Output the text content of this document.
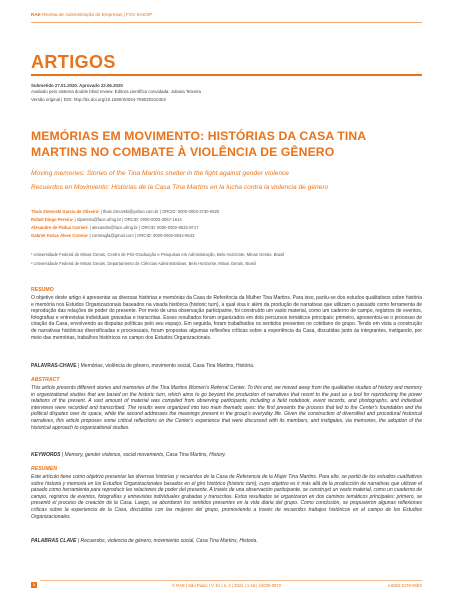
RAE-Revista de Administração de Empresas | FGV EAESP
ARTIGOS
Submetido 27.01.2020. Aprovado 22.06.2020
Avaliado pelo sistema double blind review. Editora científica convidada: Juliana Teixeira
Versão original | DOI: http://dx.doi.org/10.1590/S0034-759020210402
MEMÓRIAS EM MOVIMENTO: HISTÓRIAS DA CASA TINA MARTINS NO COMBATE À VIOLÊNCIA DE GÊNERO
Moving memories: Stories of the Tina Martins shelter in the fight against gender violence
Recuerdos en Movimiento: Historias de la Casa Tina Martins en la lucha contra la violencia de género
Thaís Zimovski Garcia de Oliveira¹ | thais.zimovski@yahoo.com.br | ORCID: 0000-0003-3730-0820
Rafael Diogo Pereira¹ | rdpereira@face.ufmg.br | ORCID: 0000-0003-3057-1614
Alexandre de Pádua Carrieri¹ | alexandre@face.ufmg.br | ORCID: 0000-0002-8532-8717
Gabriel Farias Alves Correia¹ | correiagfa@gmail.com | ORCID: 0000-0002-8534-9543
¹ Universidade Federal de Minas Gerais, Centro de Pós-Graduação e Pesquisas em Administração, Belo Horizonte, Minas Gerais, Brasil
² Universidade Federal de Minas Gerais, Departamento de Ciências Administrativas, Belo Horizonte, Minas Gerais, Brasil
RESUMO
O objetivo deste artigo é apresentar as diversas histórias e memórias da Casa de Referência da Mulher Tina Martins. Para isso, partiu-se dos estudos qualitativos sobre história e memória nos Estudos Organizacionais baseados na visada histórica (historic turn), a qual visa ir além da produção de narrativas que utilizam o passado como ferramenta de reprodução das relações de poder do presente. Por meio de uma observação participante, foi construído um vasto material, como um caderno de campo, registros de eventos, fotografias e entrevistas individuais gravadas e transcritas. Esses resultados foram organizados em dois percursos temáticos principais: primeiro, apresentou-se o processo de criação da Casa, envolvendo as disputas políticas pelo seu espaço. Em seguida, foram trabalhados os sentidos presentes no cotidiano do grupo. Tendo em vista a construção de narrativas históricas diversificadas e processuais, foram propostas algumas reflexões críticas sobre a experiência da Casa, discutidas junto às integrantes, instigando, por meio das memórias, trabalhos históricos no campo dos Estudos Organizacionais.
PALAVRAS-CHAVE | Memórias, violência de gênero, movimento social, Casa Tina Martins, História.
ABSTRACT
This article presents different stories and memories of the Tina Martins Women's Referral Center. To this end, we moved away from the qualitative studies of history and memory in organizational studies that are based on the historic turn, which aims to go beyond the production of narratives that resort to the past as a tool for reproducing the power relations of the present. A vast amount of material was compiled from observing participants, including a field notebook, event records, and photographs, and individual interviews were recorded and transcribed. The results were organized into two main thematic axes: the first presents the process that led to the Center's foundation and the political disputes over its space, while the second addresses the meanings present in the group's everyday life. Given the construction of diversified and procedural historical narratives, this article proposes some critical reflections on the Center's experience that were discussed with its members, and instigates, via memories, the adoption of the historical approach to organizational studies.
KEYWORDS | Memory, gender violence, social movements, Casa Tina Martins, History.
RESUMEN
Este artículo tiene como objetivo presentar las diversas historias y recuerdos de la Casa de Referencia de la Mujer Tina Martins. Para ello, se partió de los estudios cualitativos sobre historia y memoria en los Estudios Organizacionales basados en el giro histórico (historic turn), cuyo objetivo es ir más allá de la producción de narrativas que utilizan el pasado como herramienta para reproducir las relaciones de poder del presente. A través de una observación participante, se construyó un vasto material, como un cuaderno de campo, registros de eventos, fotografías y entrevistas individuales grabadas y transcritas. Estos resultados se organizaron en dos caminos temáticos principales: primero, se presentó el proceso de creación de la Casa. Luego, se abordaron los sentidos presentes en la vida diaria del grupo. Como conclusión, se propusieron algunas reflexiones críticas sobre la experiencia de la Casa, discutidas con las mujeres del grupo, promoviendo a través de recuerdos trabajos históricos en el campo de los Estudios Organizacionales.
PALABRAS CLAVE | Recuerdos, violencia de género, movimiento social, Casa Tina Martins, Historia.
1	© RAE | São Paulo | V. 61 | n. 4 | 2021 | 1-16 | e2020-0072	eISSN 2178-938X
